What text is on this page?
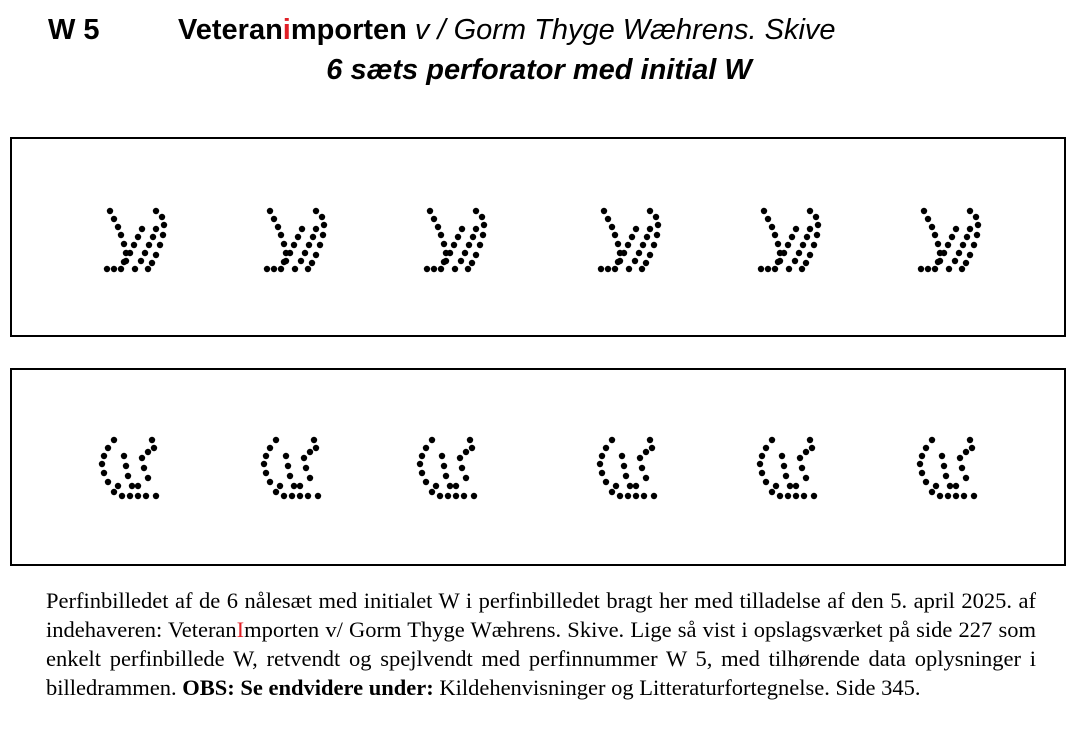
W 5	Veteranimporten v / Gorm Thyge Wæhrens. Skive
6 sæts perforator med initial W
Perfinbilledet af de 6 nålesæt med initialet W i perfinbilledet bragt her med tilladelse af den 5. april 2025. af indehaveren: VeteranImporten v/ Gorm Thyge Wæhrens. Skive. Lige så vist i opslagsværket på side 227 som enkelt perfinbillede W, retvendt og spejlvendt med perfinnummer W 5, med tilhørende data oplysninger i billedrammen. OBS: Se endvidere under: Kildehenvisninger og Litteraturfortegnelse. Side 345.
